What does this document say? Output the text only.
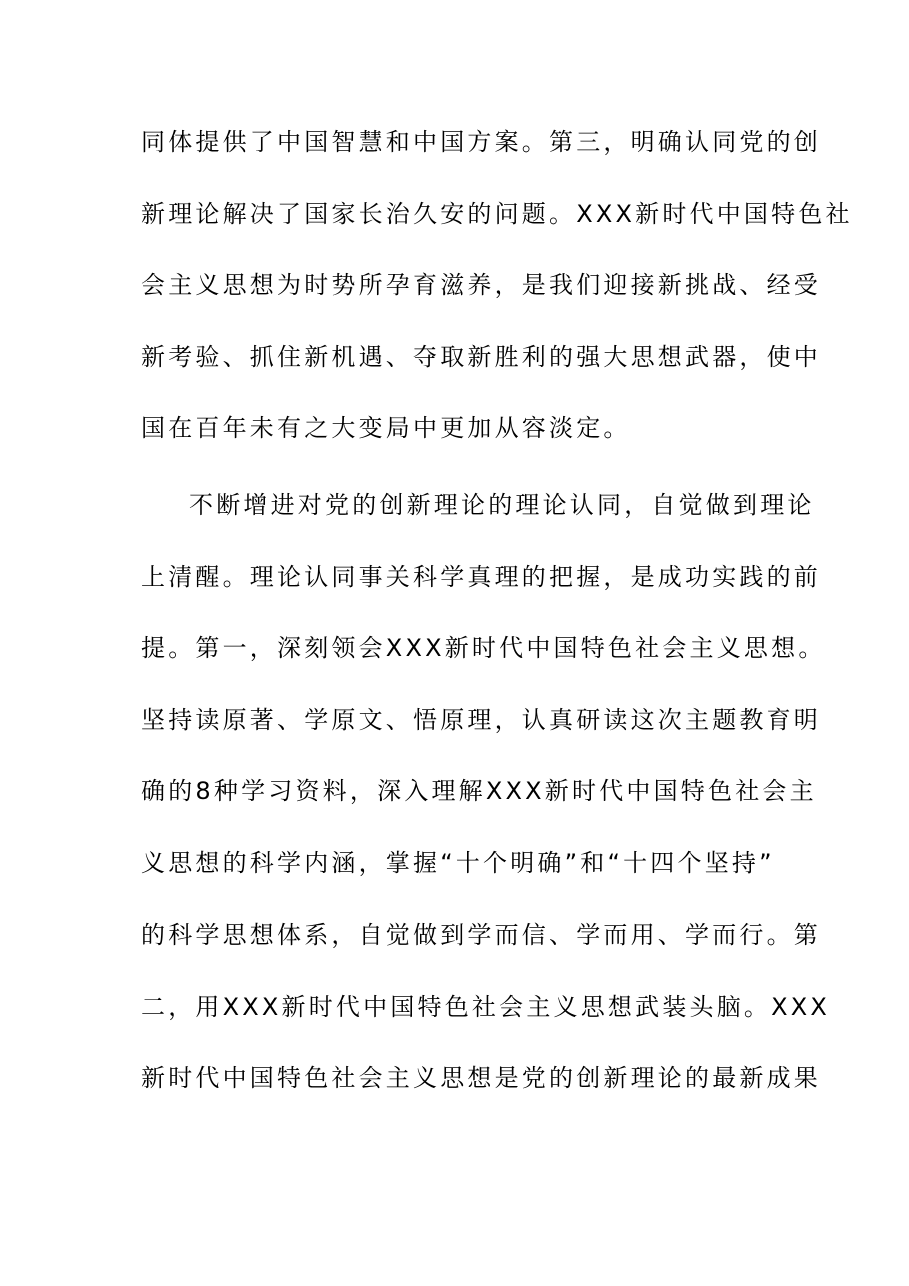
同体提供了中国智慧和中国方案。第三，明确认同党的创

新理论解决了国家长治久安的问题。XXX新时代中国特色社

会主义思想为时势所孕育滋养，是我们迎接新挑战、经受

新考验、抓住新机遇、夺取新胜利的强大思想武器，使中

国在百年未有之大变局中更加从容淡定。

不断增进对党的创新理论的理论认同，自觉做到理论

上清醒。理论认同事关科学真理的把握，是成功实践的前

提。第一，深刻领会XXX新时代中国特色社会主义思想。

坚持读原著、学原文、悟原理，认真研读这次主题教育明

确的8种学习资料，深入理解XXX新时代中国特色社会主

义思想的科学内涵，掌握“十个明确”和“十四个坚持”

的科学思想体系，自觉做到学而信、学而用、学而行。第

二，用XXX新时代中国特色社会主义思想武装头脑。XXX

新时代中国特色社会主义思想是党的创新理论的最新成果
